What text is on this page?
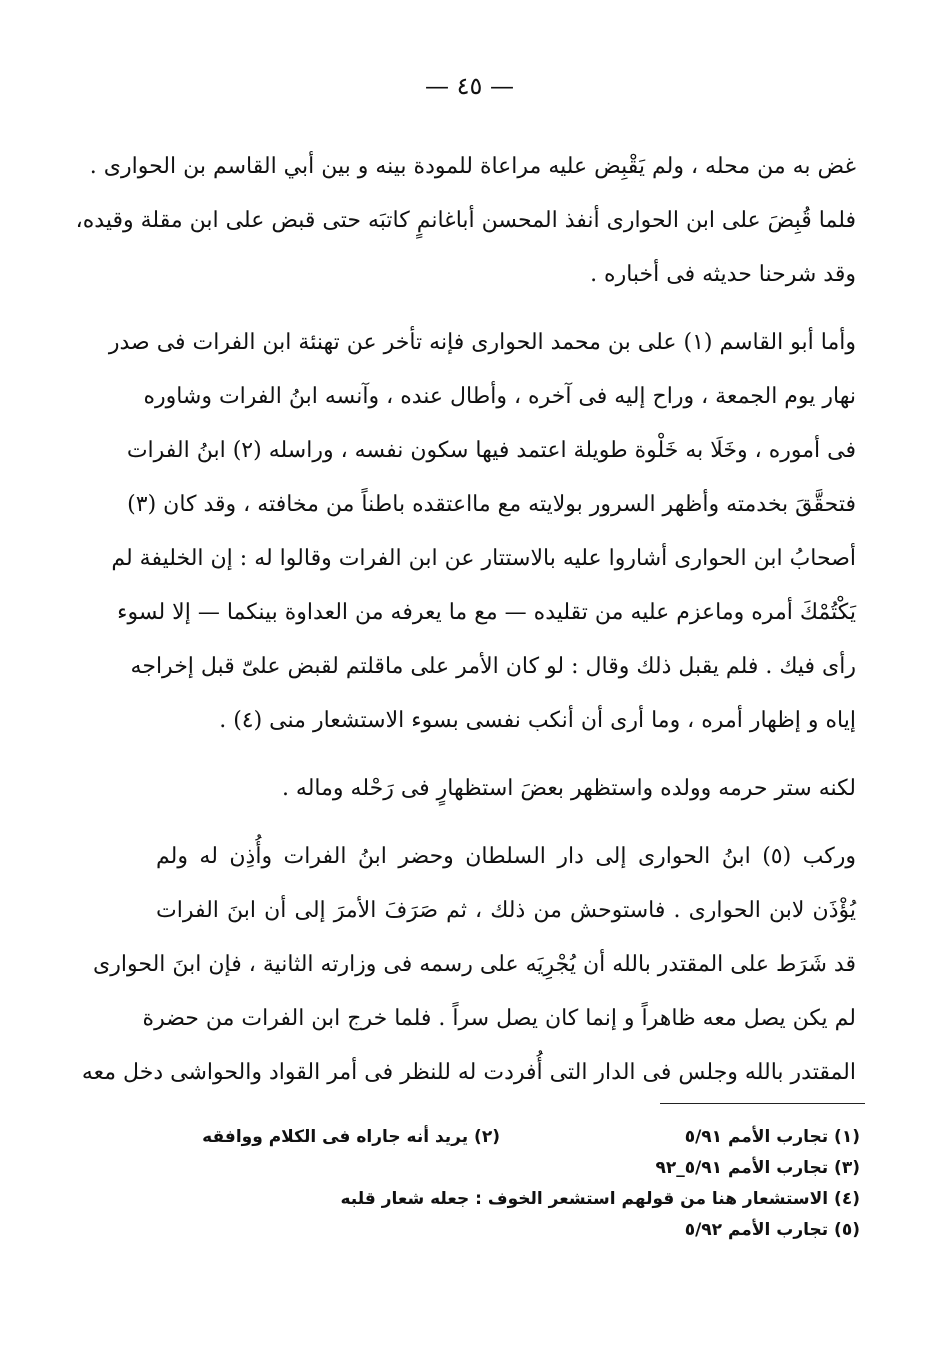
— ٤٥ —
غض به من محله ، ولم يَقْبِض عليه مراعاة للمودة بينه و بين أبي القاسم بن الحوارى .
فلما قُبِضَ على ابن الحوارى أنفذ المحسن أباغانمٍ كاتبَه حتى قبض على ابن مقلة وقيده،
وقد شرحنا حديثه فى أخباره .
وأما أبو القاسم (١) على بن محمد الحوارى فإنه تأخر عن تهنئة ابن الفرات فى صدر
نهار يوم الجمعة ، وراح إليه فى آخره ، وأطال عنده ، وآنسه ابنُ الفرات وشاوره
فى أموره ، وخَلَا به خَلْوة طويلة اعتمد فيها سكون نفسه ، وراسله (٢) ابنُ الفرات
فتحقَّقَ بخدمته وأظهر السرور بولايته مع مااعتقده باطناً من مخافته ، وقد كان (٣)
أصحابُ ابن الحوارى أشاروا عليه بالاستتار عن ابن الفرات وقالوا له : إن الخليفة لم
يَكْتُمْكَ أمره وماعزم عليه من تقليده — مع ما يعرفه من العداوة بينكما — إلا لسوء
رأى فيك . فلم يقبل ذلك وقال : لو كان الأمر على ماقلتم لقبض علىّ قبل إخراجه
إياه و إظهار أمره ، وما أرى أن أنكب نفسى بسوء الاستشعار منى (٤) .
لكنه ستر حرمه وولده واستظهر بعضَ استظهارٍ فى رَحْله وماله .
وركب (٥) ابنُ الحوارى إلى دار السلطان وحضر ابنُ الفرات وأُذِن له ولم
يُؤْذَن لابن الحوارى . فاستوحش من ذلك ، ثم صَرَفَ الأمرَ إلى أن ابنَ الفرات
قد شَرَط على المقتدر بالله أن يُجْرِيَه على رسمه فى وزارته الثانية ، فإن ابنَ الحوارى
لم يكن يصل معه ظاهراً و إنما كان يصل سراً . فلما خرج ابن الفرات من حضرة
المقتدر بالله وجلس فى الدار التى أُفردت له للنظر فى أمر القواد والحواشى دخل معه
(١) تجارب الأمم ٥/٩١
(٢) يريد أنه جاراه فى الكلام ووافقه
(٣) تجارب الأمم ٥/٩١_٩٢
(٤) الاستشعار هنا من قولهم استشعر الخوف : جعله شعار قلبه
(٥) تجارب الأمم ٥/٩٢
